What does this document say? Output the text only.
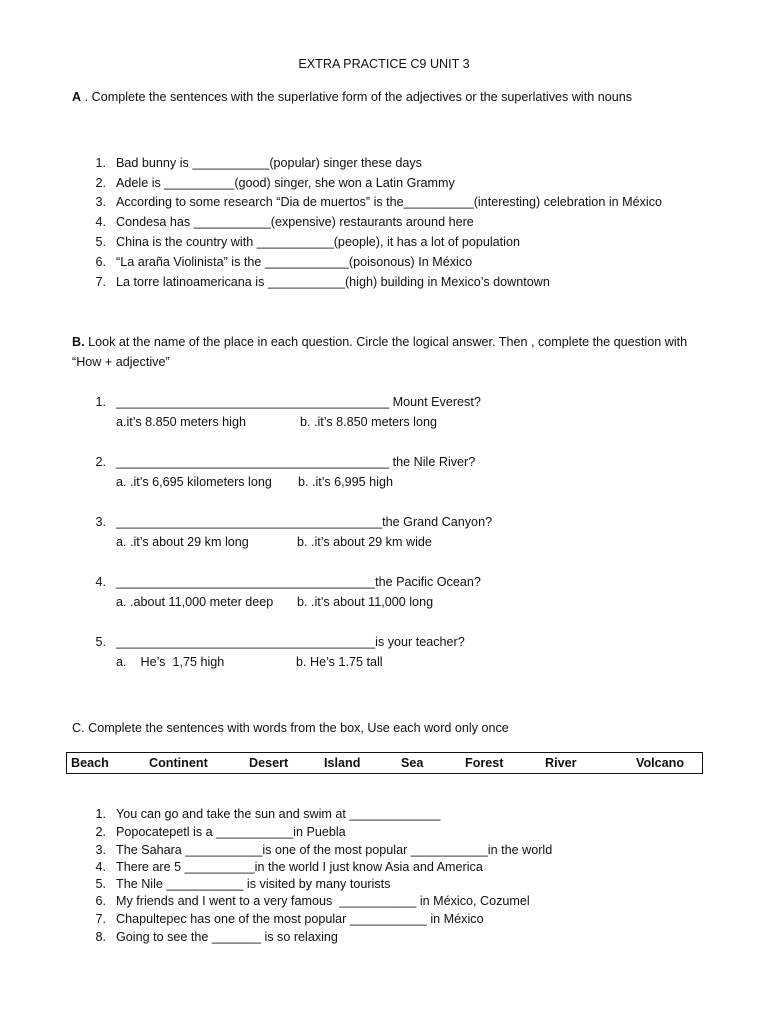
EXTRA PRACTICE C9 UNIT 3
A . Complete the sentences with the superlative form of the adjectives or the superlatives with nouns
1. Bad bunny is ___________(popular) singer these days
2. Adele is __________(good) singer, she won a Latin Grammy
3. According to some research “Dia de muertos” is the__________(interesting) celebration in México
4. Condesa has ___________(expensive) restaurants around here
5. China is the country with ___________(people), it has a lot of population
6. “La araña Violinista” is the ____________(poisonous) In México
7. La torre latinoamericana is ___________(high) building in Mexico’s downtown
B. Look at the name of the place in each question. Circle the logical answer. Then , complete the question with “How + adjective”
1. _______________________________________ Mount Everest?
a.it’s 8.850 meters high	b. .it’s 8.850 meters long
2. _______________________________________ the Nile River?
a. .it’s 6,695 kilometers long b. .it’s 6,995 high
3. ______________________________________the Grand Canyon?
a. .it’s about 29 km long	b. .it’s about 29 km wide
4. _____________________________________the Pacific Ocean?
a. .about 11,000 meter deep b. .it’s about 11,000 long
5. _____________________________________is your teacher?
a.    He’s  1,75 high	b. He’s 1.75 tall
C. Complete the sentences with words from the box, Use each word only once
Beach	Continent	Desert	Island	Sea	Forest	River	Volcano
1. You can go and take the sun and swim at _____________
2. Popocatepetl is a ___________in Puebla
3. The Sahara ___________is one of the most popular ___________in the world
4. There are 5 __________in the world I just know Asia and America
5. The Nile ___________ is visited by many tourists
6. My friends and I went to a very famous  ___________ in México, Cozumel
7. Chapultepec has one of the most popular ___________ in México
8. Going to see the _______ is so relaxing
